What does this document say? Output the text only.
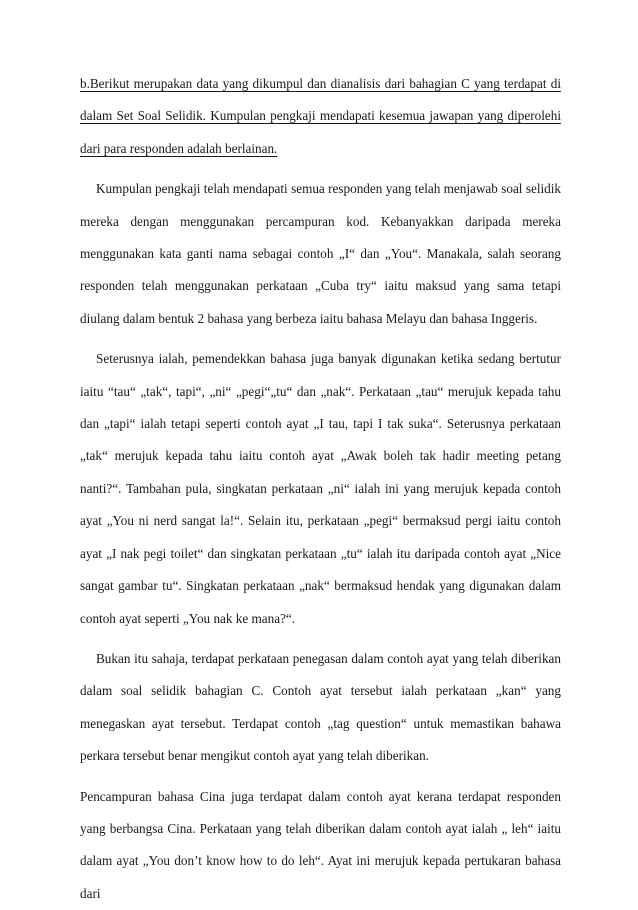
b.Berikut merupakan data yang dikumpul dan dianalisis dari bahagian C yang terdapat di dalam Set Soal Selidik. Kumpulan pengkaji mendapati kesemua jawapan yang diperolehi dari para responden adalah berlainan.

Kumpulan pengkaji telah mendapati semua responden yang telah menjawab soal selidik mereka dengan menggunakan percampuran kod. Kebanyakkan daripada mereka menggunakan kata ganti nama sebagai contoh „I“ dan „You“. Manakala, salah seorang responden telah menggunakan perkataan „Cuba try“ iaitu maksud yang sama tetapi diulang dalam bentuk 2 bahasa yang berbeza iaitu bahasa Melayu dan bahasa Inggeris.

Seterusnya ialah, pemendekkan bahasa juga banyak digunakan ketika sedang bertutur iaitu “tau“ „tak“, tapi“, „ni“ „pegi“„tu“ dan „nak“. Perkataan „tau“ merujuk kepada tahu dan „tapi“ ialah tetapi seperti contoh ayat „I tau, tapi I tak suka“. Seterusnya perkataan „tak“ merujuk kepada tahu iaitu contoh ayat „Awak boleh tak hadir meeting petang nanti?“. Tambahan pula, singkatan perkataan „ni“ ialah ini yang merujuk kepada contoh ayat „You ni nerd sangat la!“. Selain itu, perkataan „pegi“ bermaksud pergi iaitu contoh ayat „I nak pegi toilet“ dan singkatan perkataan „tu“ ialah itu daripada contoh ayat „Nice sangat gambar tu“. Singkatan perkataan „nak“ bermaksud hendak yang digunakan dalam contoh ayat seperti „You nak ke mana?“.

Bukan itu sahaja, terdapat perkataan penegasan dalam contoh ayat yang telah diberikan dalam soal selidik bahagian C. Contoh ayat tersebut ialah perkataan „kan“ yang menegaskan ayat tersebut. Terdapat contoh „tag question“ untuk memastikan bahawa perkara tersebut benar mengikut contoh ayat yang telah diberikan.

Pencampuran bahasa Cina juga terdapat dalam contoh ayat kerana terdapat responden yang berbangsa Cina. Perkataan yang telah diberikan dalam contoh ayat ialah „ leh“ iaitu dalam ayat „You don’t know how to do leh“. Ayat ini merujuk kepada pertukaran bahasa dari
